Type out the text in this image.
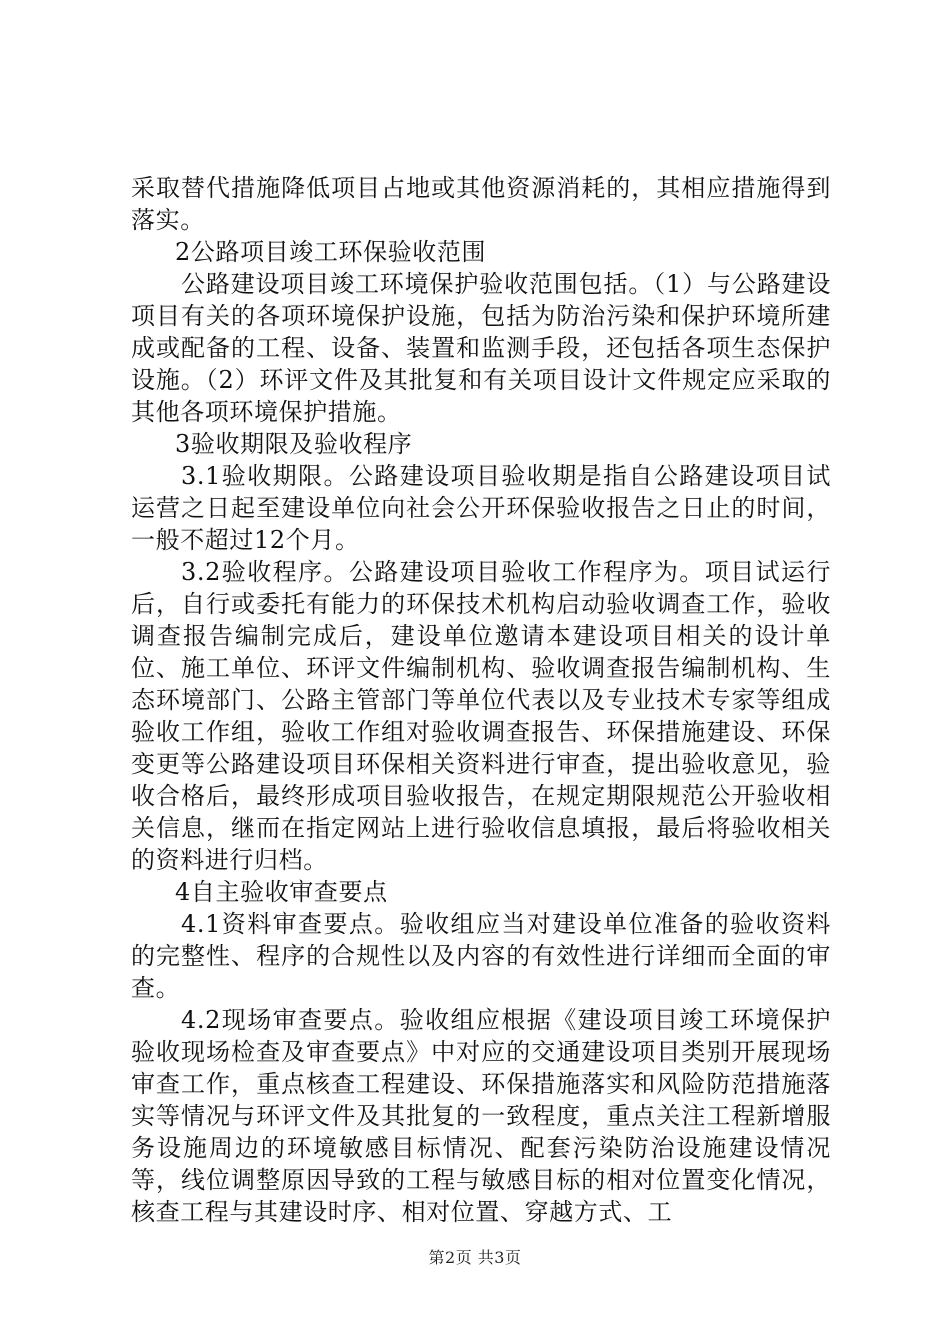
采取替代措施降低项目占地或其他资源消耗的，其相应措施得到落实。

2公路项目竣工环保验收范围

公路建设项目竣工环境保护验收范围包括。（1）与公路建设项目有关的各项环境保护设施，包括为防治污染和保护环境所建成或配备的工程、设备、装置和监测手段，还包括各项生态保护设施。（2）环评文件及其批复和有关项目设计文件规定应采取的其他各项环境保护措施。

3验收期限及验收程序

3.1验收期限。公路建设项目验收期是指自公路建设项目试运营之日起至建设单位向社会公开环保验收报告之日止的时间，一般不超过12个月。

3.2验收程序。公路建设项目验收工作程序为。项目试运行后，自行或委托有能力的环保技术机构启动验收调查工作，验收调查报告编制完成后，建设单位邀请本建设项目相关的设计单位、施工单位、环评文件编制机构、验收调查报告编制机构、生态环境部门、公路主管部门等单位代表以及专业技术专家等组成验收工作组，验收工作组对验收调查报告、环保措施建设、环保变更等公路建设项目环保相关资料进行审查，提出验收意见，验收合格后，最终形成项目验收报告，在规定期限规范公开验收相关信息，继而在指定网站上进行验收信息填报，最后将验收相关的资料进行归档。

4自主验收审查要点

4.1资料审查要点。验收组应当对建设单位准备的验收资料的完整性、程序的合规性以及内容的有效性进行详细而全面的审查。

4.2现场审查要点。验收组应根据《建设项目竣工环境保护验收现场检查及审查要点》中对应的交通建设项目类别开展现场审查工作，重点核查工程建设、环保措施落实和风险防范措施落实等情况与环评文件及其批复的一致程度，重点关注工程新增服务设施周边的环境敏感目标情况、配套污染防治设施建设情况等，线位调整原因导致的工程与敏感目标的相对位置变化情况，核查工程与其建设时序、相对位置、穿越方式、工

第2页 共3页
